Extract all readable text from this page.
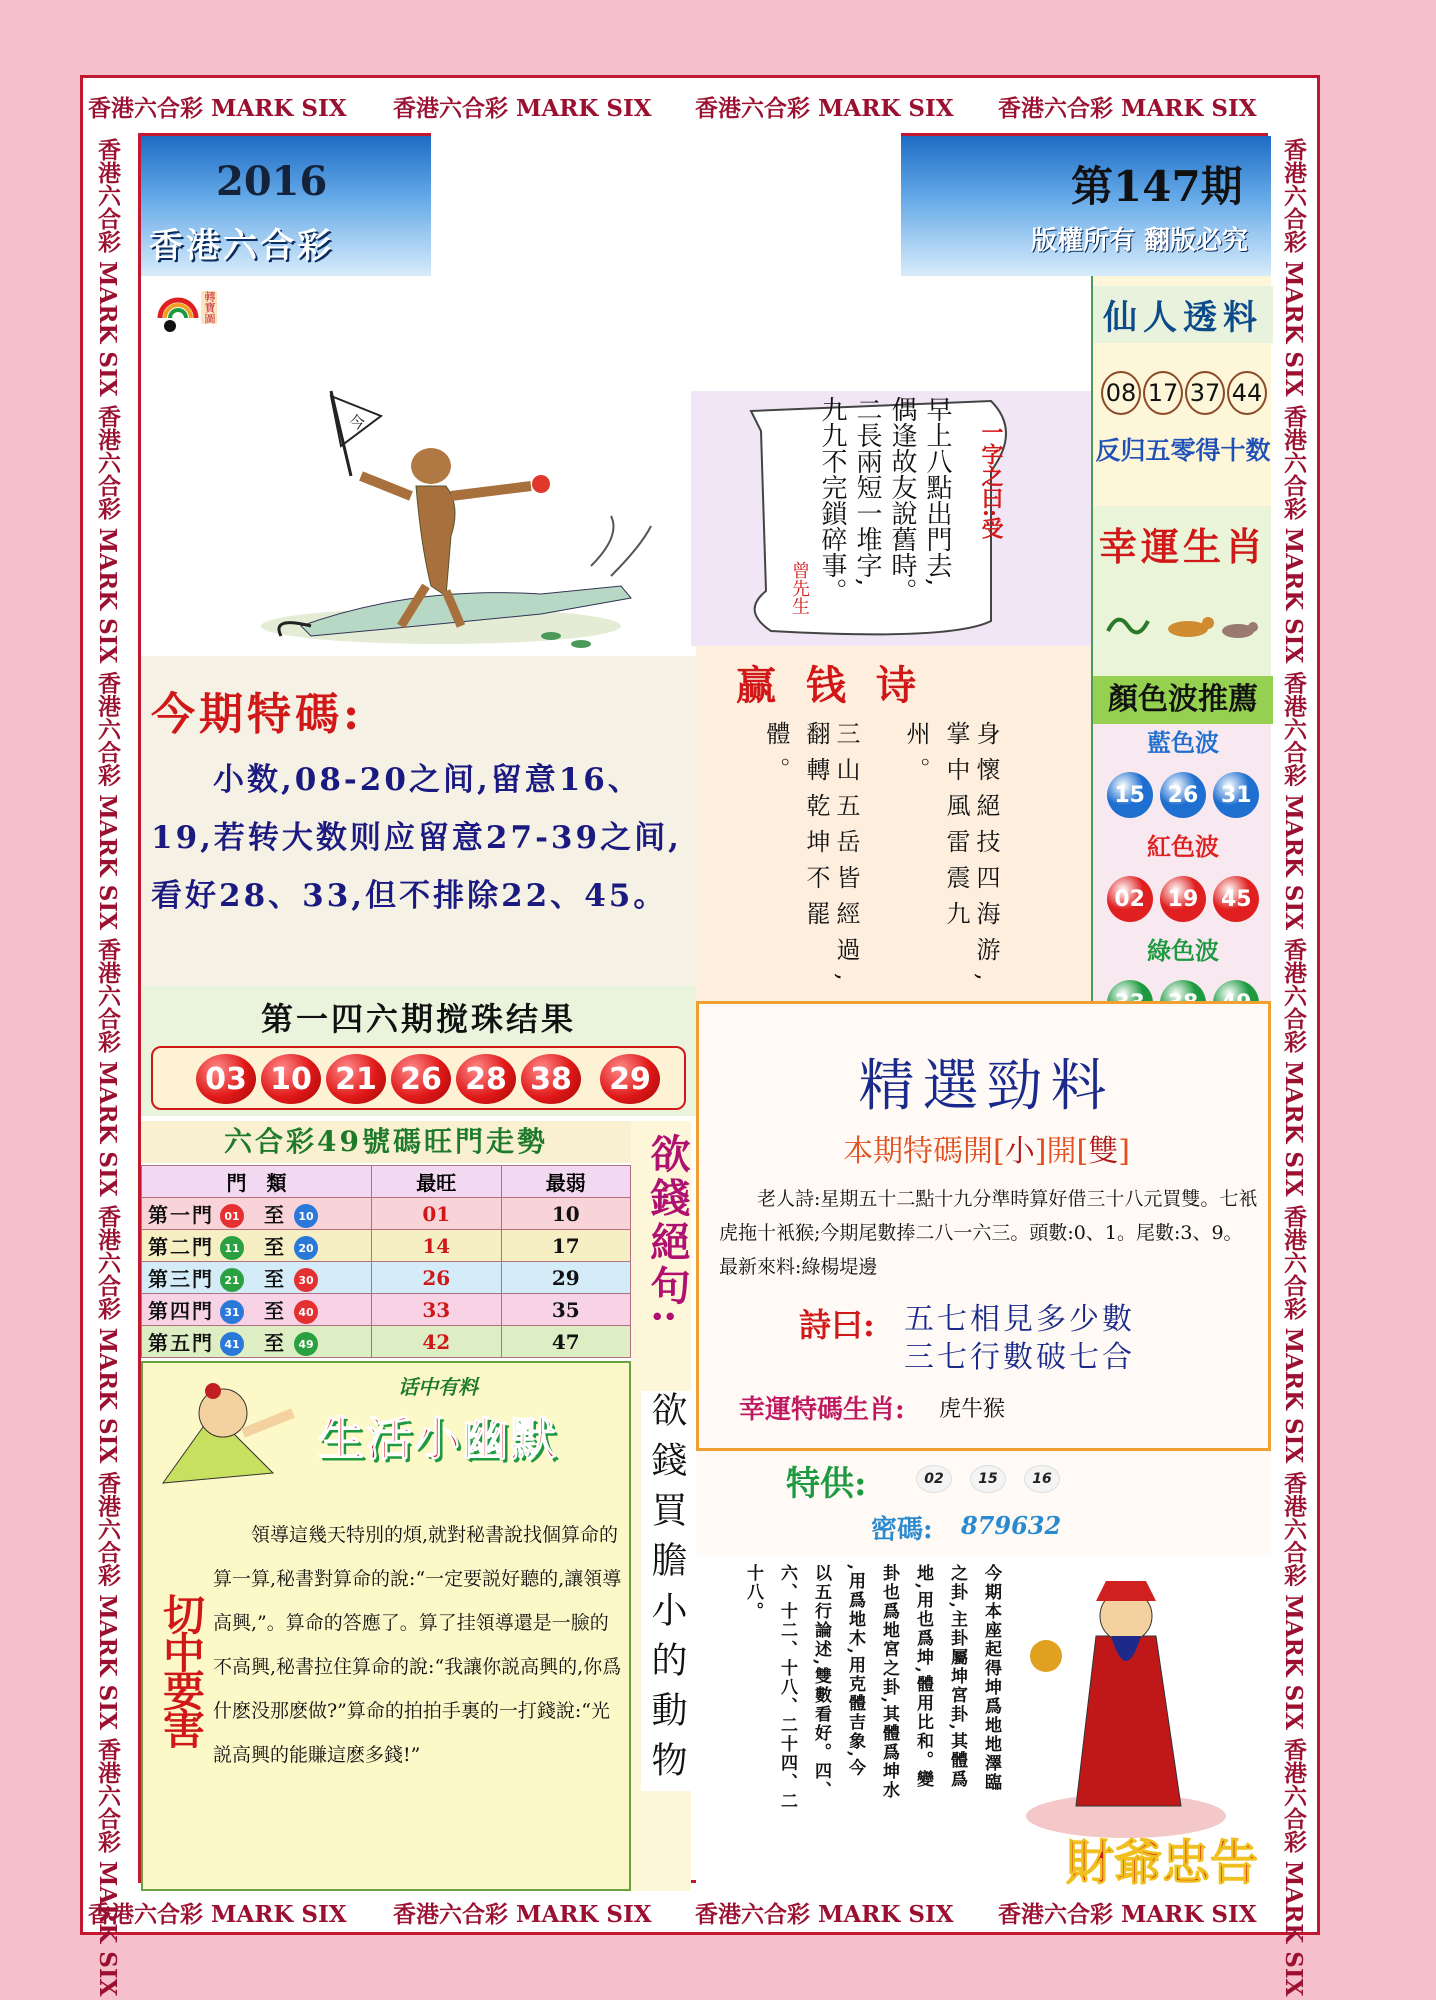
香港六合彩 MARK SIX 香港六合彩 MARK SIX 香港六合彩 MARK SIX 香港六合彩 MARK SIX
香港六合彩 MARK SIX 香港六合彩 MARK SIX 香港六合彩 MARK SIX 香港六合彩 MARK SIX
香港六合彩 MARK SIX 香港六合彩 MARK SIX 香港六合彩 MARK SIX 香港六合彩 MARK SIX 香港六合彩 MARK SIX 香港六合彩 MARK SIX 香港六合彩 MARK SIX	香港六合彩 MARK SIX 香港六合彩 MARK SIX 香港六合彩 MARK SIX 香港六合彩 MARK SIX 香港六合彩 MARK SIX 香港六合彩 MARK SIX 香港六合彩 MARK SIX
2016
香港六合彩
第147期
版權所有 翻版必究
轉寶圖
今	早上八點出門去,
偶逢故友說舊時。
二長兩短一堆字,
九九不完鎖碎事。	一字之曰:受
曾先生
仙人透料
08 17 37 44
反归五零得十数
幸運生肖
今期特碼:
小数,08-20之间,留意16、19,若转大数则应留意27-39之间,看好28、33,但不排除22、45。
赢 钱 诗
身懷絕技四海游,
掌中風雷震九州。
三山五岳皆經過,
翻轉乾坤不罷體。
顏色波推薦
藍色波
15	26	31
紅色波
02	19	45
綠色波
第一四六期搅珠结果
03 10 21 26 28 38	29
六合彩49號碼旺門走勢
門　類	最旺	最弱
第一門 01 至 10	01	10
第二門 11 至 20	14	17
第三門 21 至 30	26	29
第四門 31 至 40	33	35
第五門 41 至 49	42	47
欲錢絕句:
欲錢買膽小的動物
话中有料
生活小幽默
切中要害
領導這幾天特別的煩,就對秘書說找個算命的算一算,秘書對算命的說:“一定要説好聽的,讓領導高興,”。算命的答應了。算了挂領導還是一臉的不高興,秘書拉住算命的說:“我讓你説高興的,你爲什麽没那麽做?”算命的拍拍手裏的一打錢說:“光説高興的能賺這麽多錢!”
精選勁料
本期特碼開[小]開[雙]
老人詩:星期五十二點十九分準時算好借三十八元買雙。七衹虎拖十衹猴;今期尾數捧二八一六三。頭數:0、1。尾數:3、9。最新來料:綠楊堤邊
詩曰: 五七相見多少數
三七行數破七合
幸運特碼生肖: 虎牛猴
特供:	02	15	16
密碼: 879632
今期本座起得坤爲地地澤臨
之卦,主卦屬坤宮卦,其體爲
地,用也爲坤,體用比和。變
卦也爲地宮之卦,其體爲坤水
,用爲地木,用克體吉象,今
以五行論述,雙數看好。四、
六、十二、十八、二十四、二
十八。
財爺忠告
